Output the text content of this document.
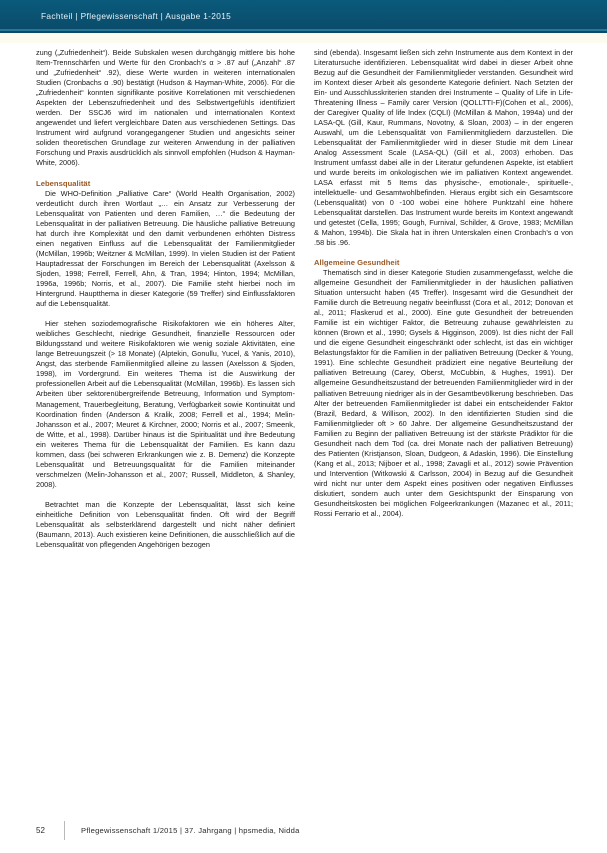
Fachteil | Pflegewissenschaft | Ausgabe 1-2015

zung („Zufriedenheit“). Beide Subskalen wesen durchgängig mittlere bis hohe Item-Trennschärfen und Werte für den Cronbach’s α > .87 auf („Anzahl“ .87 und „Zufriedenheit“ .92), diese Werte wurden in weiteren internationalen Studien (Cronbachs α .90) bestätigt (Hudson & Hayman-White, 2006). Für die „Zufriedenheit“ konnten signifikante positive Korrelationen mit verschiedenen Aspekten der Lebenszufriedenheit und des Selbstwertgefühls identifiziert werden. Der SSCJ6 wird im nationalen und internationalen Kontext angewendet und liefert vergleichbare Daten aus verschiedenen Settings. Das Instrument wird aufgrund vorangegangener Studien und angesichts seiner soliden theoretischen Grundlage zur weiteren Anwendung in der palliativen Forschung und Praxis ausdrücklich als sinnvoll empfohlen (Hudson & Hayman-White, 2006).

Lebensqualität

Die WHO-Definition „Palliative Care“ (World Health Organisation, 2002) verdeutlicht durch ihren Wortlaut „… ein Ansatz zur Verbesserung der Lebensqualität von Patienten und deren Familien, …“ die Bedeutung der Lebensqualität in der palliativen Betreuung. Die häusliche palliative Betreuung hat durch ihre Komplexität und den damit verbundenen erhöhten Distress einen negativen Einfluss auf die Lebensqualität der Familienmitglieder (McMillan, 1996b; Weitzner & McMillan, 1999). In vielen Studien ist der Patient Hauptadressat der Forschungen im Bereich der Lebensqualität (Axelsson & Sjoden, 1998; Ferrell, Ferrell, Ahn, & Tran, 1994; Hinton, 1994; McMillan, 1996a, 1996b; Norris, et al., 2007). Die Familie steht hierbei noch im Hintergrund. Hauptthema in dieser Kategorie (59 Treffer) sind Einflussfaktoren auf die Lebensqualität.

Hier stehen soziodemografische Risikofaktoren wie ein höheres Alter, weibliches Geschlecht, niedrige Gesundheit, finanzielle Ressourcen oder Bildungsstand und weitere Risikofaktoren wie wenig soziale Aktivitäten, eine lange Betreuungszeit (> 18 Monate) (Alptekin, Gonullu, Yucel, & Yanis, 2010), Angst, das sterbende Familienmitglied alleine zu lassen (Axelsson & Sjoden, 1998), im Vordergrund. Ein weiteres Thema ist die Auswirkung der professionellen Arbeit auf die Lebensqualität (McMillan, 1996b). Es lassen sich Arbeiten über sektorenübergreifende Betreuung, Information und Symptom-Management, Trauerbegleitung, Beratung, Verfügbarkeit sowie Kontinuität und Koordination finden (Anderson & Kralik, 2008; Ferrell et al., 1994; Melin-Johansson et al., 2007; Meuret & Kirchner, 2000; Norris et al., 2007; Smeenk, de Witte, et al., 1998). Darüber hinaus ist die Spiritualität und ihre Bedeutung ein weiteres Thema für die Lebensqualität der Familien. Es kann dazu kommen, dass (bei schweren Erkrankungen wie z. B. Demenz) die Konzepte Lebensqualität und Betreuungsqualität für die Familien miteinander verschmelzen (Melin-Johansson et al., 2007; Russell, Middleton, & Shanley, 2008).

Betrachtet man die Konzepte der Lebensqualität, lässt sich keine einheitliche Definition von Lebensqualität finden. Oft wird der Begriff Lebensqualität als selbsterklärend dargestellt und nicht näher definiert (Baumann, 2013). Auch existieren keine Definitionen, die ausschließlich auf die Lebensqualität von pflegenden Angehörigen bezogen

sind (ebenda). Insgesamt ließen sich zehn Instrumente aus dem Kontext in der Literatursuche identifizieren. Lebensqualität wird dabei in dieser Arbeit ohne Bezug auf die Gesundheit der Familienmitglieder verstanden. Gesundheit wird im Kontext dieser Arbeit als gesonderte Kategorie definiert. Nach Setzten der Ein- und Ausschlusskriterien standen drei Instrumente – Quality of Life in Life-Threatening Illness – Family carer Version (QOLLTTI-F)(Cohen et al., 2006), der Caregiver Quality of life Index (CQLI) (McMillan & Mahon, 1994a) und der LASA-QL (Gill, Kaur, Rummans, Novotny, & Sloan, 2003) – in der engeren Auswahl, um die Lebensqualität von Familienmitgliedern darzustellen. Die Lebensqualität der Familienmitglieder wird in dieser Studie mit dem Linear Analog Assessment Scale (LASA-QL) (Gill et al., 2003) erhoben. Das Instrument umfasst dabei alle in der Literatur gefundenen Aspekte, ist etabliert und wurde bereits im onkologischen wie im palliativen Kontext angewendet. LASA erfasst mit 5 Items das physische-, emotionale-, spirituelle-, intellektuelle- und Gesamtwohlbefinden. Hieraus ergibt sich ein Gesamtscore (Lebensqualität) von 0 -100 wobei eine höhere Punktzahl eine höhere Lebensqualität darstellen. Das Instrument wurde bereits im Kontext angewandt und getestet (Cella, 1995; Gough, Furnival, Schilder, & Grove, 1983; McMillan & Mahon, 1994b). Die Skala hat in ihren Unterskalen einen Cronbach’s α von .58 bis .96.

Allgemeine Gesundheit

Thematisch sind in dieser Kategorie Studien zusammengefasst, welche die allgemeine Gesundheit der Familienmitglieder in der häuslichen palliativen Situation untersucht haben (45 Treffer). Insgesamt wird die Gesundheit der Familie durch die Betreuung negativ beeinflusst (Cora et al., 2012; Donovan et al., 2011; Flaskerud et al., 2000). Eine gute Gesundheit der betreuenden Familie ist ein wichtiger Faktor, die Betreuung zuhause gewährleisten zu können (Brown et al., 1990; Gysels & Higginson, 2009). Ist dies nicht der Fall und die eigene Gesundheit eingeschränkt oder schlecht, ist das ein wichtiger Belastungsfaktor für die Familien in der palliativen Betreuung (Decker & Young, 1991). Eine schlechte Gesundheit prädiziert eine negative Beurteilung der palliativen Betreuung (Carey, Oberst, McCubbin, & Hughes, 1991). Der allgemeine Gesundheitszustand der betreuenden Familienmitglieder wird in der palliativen Betreuung niedriger als in der Gesamtbevölkerung beschrieben. Das Alter der betreuenden Familienmitglieder ist dabei ein entscheidender Faktor (Brazil, Bedard, & Willison, 2002). In den identifizierten Studien sind die Familienmitglieder oft > 60 Jahre. Der allgemeine Gesundheitszustand der Familien zu Beginn der palliativen Betreuung ist der stärkste Prädiktor für die Gesundheit nach dem Tod (ca. drei Monate nach der palliativen Betreuung) des Patienten (Kristjanson, Sloan, Dudgeon, & Adaskin, 1996). Die Einstellung (Kang et al., 2013; Nijboer et al., 1998; Zavagli et al., 2012) sowie Prävention und Intervention (Witkowski & Carlsson, 2004) in Bezug auf die Gesundheit wird nicht nur unter dem Aspekt eines positiven oder negativen Einflusses diskutiert, sondern auch unter dem Gesichtspunkt der Einsparung von Gesundheitskosten bei möglichen Folgeerkrankungen (Mazanec et al., 2011; Rossi Ferrario et al., 2004).

52	Pflegewissenschaft 1/2015 | 37. Jahrgang | hpsmedia, Nidda
